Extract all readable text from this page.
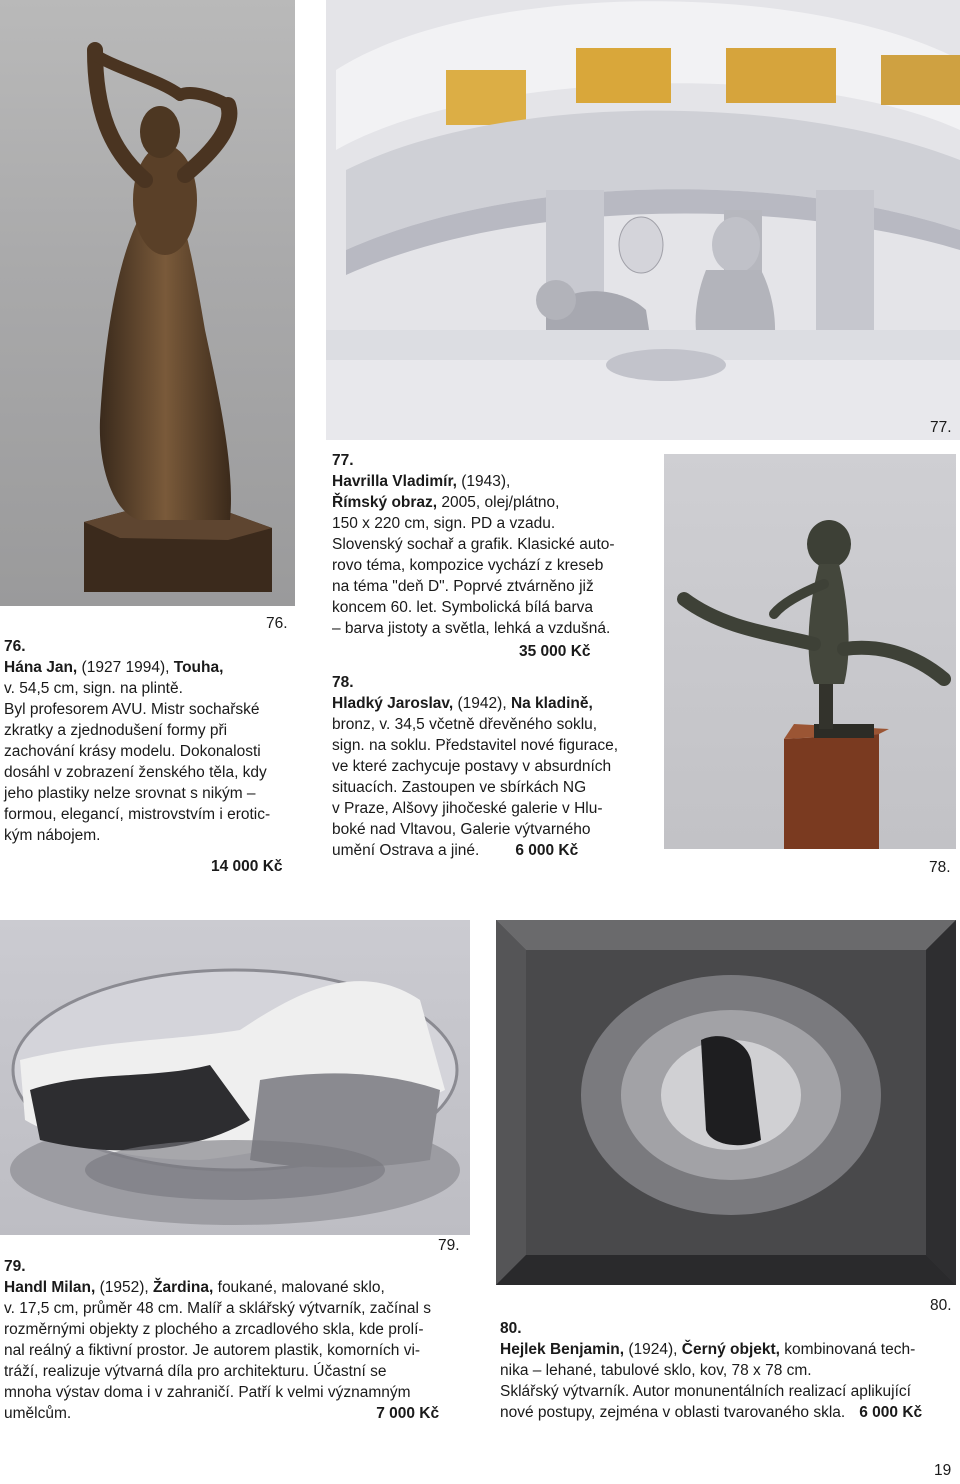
76.
76.
Hána Jan, (1927 1994), Touha,
v. 54,5 cm, sign. na plintě.
Byl profesorem AVU. Mistr sochařské
zkratky a zjednodušení formy při
zachování krásy modelu. Dokonalosti
dosáhl v zobrazení ženského těla, kdy
jeho plastiky nelze srovnat s nikým –
formou, elegancí, mistrovstvím i erotic-
kým nábojem.
14 000 Kč
77.
77.
Havrilla Vladimír, (1943),
Římský obraz, 2005, olej/plátno,
150 x 220 cm, sign. PD a vzadu.
Slovenský sochař a grafik. Klasické auto-
rovo téma, kompozice vychází z kreseb
na téma "deň D". Poprvé ztvárněno již
koncem 60. let. Symbolická bílá barva
– barva jistoty a světla, lehká a vzdušná.
35 000 Kč
78.
Hladký Jaroslav, (1942), Na kladině,
bronz, v. 34,5 včetně dřevěného soklu,
sign. na soklu. Představitel nové figurace,
ve které zachycuje postavy v absurdních
situacích. Zastoupen ve sbírkách NG
v Praze, Alšovy jihočeské galerie v Hlu-
boké nad Vltavou, Galerie výtvarného
umění Ostrava a jiné. 6 000 Kč
78.
79.
80.
79.
Handl Milan, (1952), Žardina, foukané, malované sklo,
v. 17,5 cm, průměr 48 cm. Malíř a sklářský výtvarník, začínal s
rozměrnými objekty z plochého a zrcadlového skla, kde prolí-
nal reálný a fiktivní prostor. Je autorem plastik, komorních vi-
tráží, realizuje výtvarná díla pro architekturu. Účastní se
mnoha výstav doma i v zahraničí. Patří k velmi významným
umělcům.	7 000 Kč
80.
Hejlek Benjamin, (1924), Černý objekt, kombinovaná tech-
nika – lehané, tabulové sklo, kov, 78 x 78 cm.
Sklářský výtvarník. Autor monunentálních realizací aplikující
nové postupy, zejména v oblasti tvarovaného skla. 6 000 Kč
19
